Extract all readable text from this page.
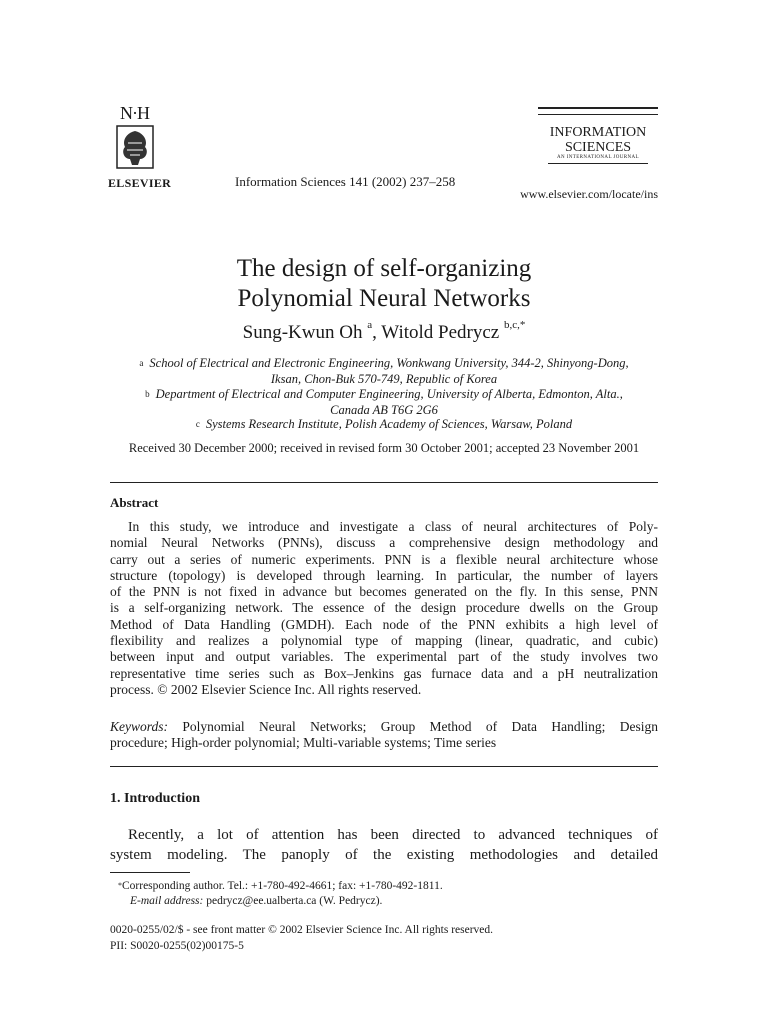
N·H
ELSEVIER	Information Sciences 141 (2002) 237–258
INFORMATION
SCIENCES
AN INTERNATIONAL JOURNAL
www.elsevier.com/locate/ins
The design of self-organizing
Polynomial Neural Networks
Sung-Kwun Oh $^a$, Witold Pedrycz $^{b,c,*}$
$^a$ School of Electrical and Electronic Engineering, Wonkwang University, 344-2, Shinyong-Dong,
Iksan, Chon-Buk 570-749, Republic of Korea
$^b$ Department of Electrical and Computer Engineering, University of Alberta, Edmonton, Alta.,
Canada AB T6G 2G6
$^c$ Systems Research Institute, Polish Academy of Sciences, Warsaw, Poland
Received 30 December 2000; received in revised form 30 October 2001; accepted 23 November 2001
Abstract
In this study, we introduce and investigate a class of neural architectures of Poly-
nomial Neural Networks (PNNs), discuss a comprehensive design methodology and
carry out a series of numeric experiments. PNN is a flexible neural architecture whose
structure (topology) is developed through learning. In particular, the number of layers
of the PNN is not fixed in advance but becomes generated on the fly. In this sense, PNN
is a self-organizing network. The essence of the design procedure dwells on the Group
Method of Data Handling (GMDH). Each node of the PNN exhibits a high level of
flexibility and realizes a polynomial type of mapping (linear, quadratic, and cubic)
between input and output variables. The experimental part of the study involves two
representative time series such as Box–Jenkins gas furnace data and a pH neutralization
process. © 2002 Elsevier Science Inc. All rights reserved.
Keywords: Polynomial Neural Networks; Group Method of Data Handling; Design
procedure; High-order polynomial; Multi-variable systems; Time series
1. Introduction
Recently, a lot of attention has been directed to advanced techniques of
system modeling. The panoply of the existing methodologies and detailed
*Corresponding author. Tel.: +1-780-492-4661; fax: +1-780-492-1811.
E-mail address: pedrycz@ee.ualberta.ca (W. Pedrycz).
0020-0255/02/$ - see front matter © 2002 Elsevier Science Inc. All rights reserved.
PII: S0020-0255(02)00175-5
